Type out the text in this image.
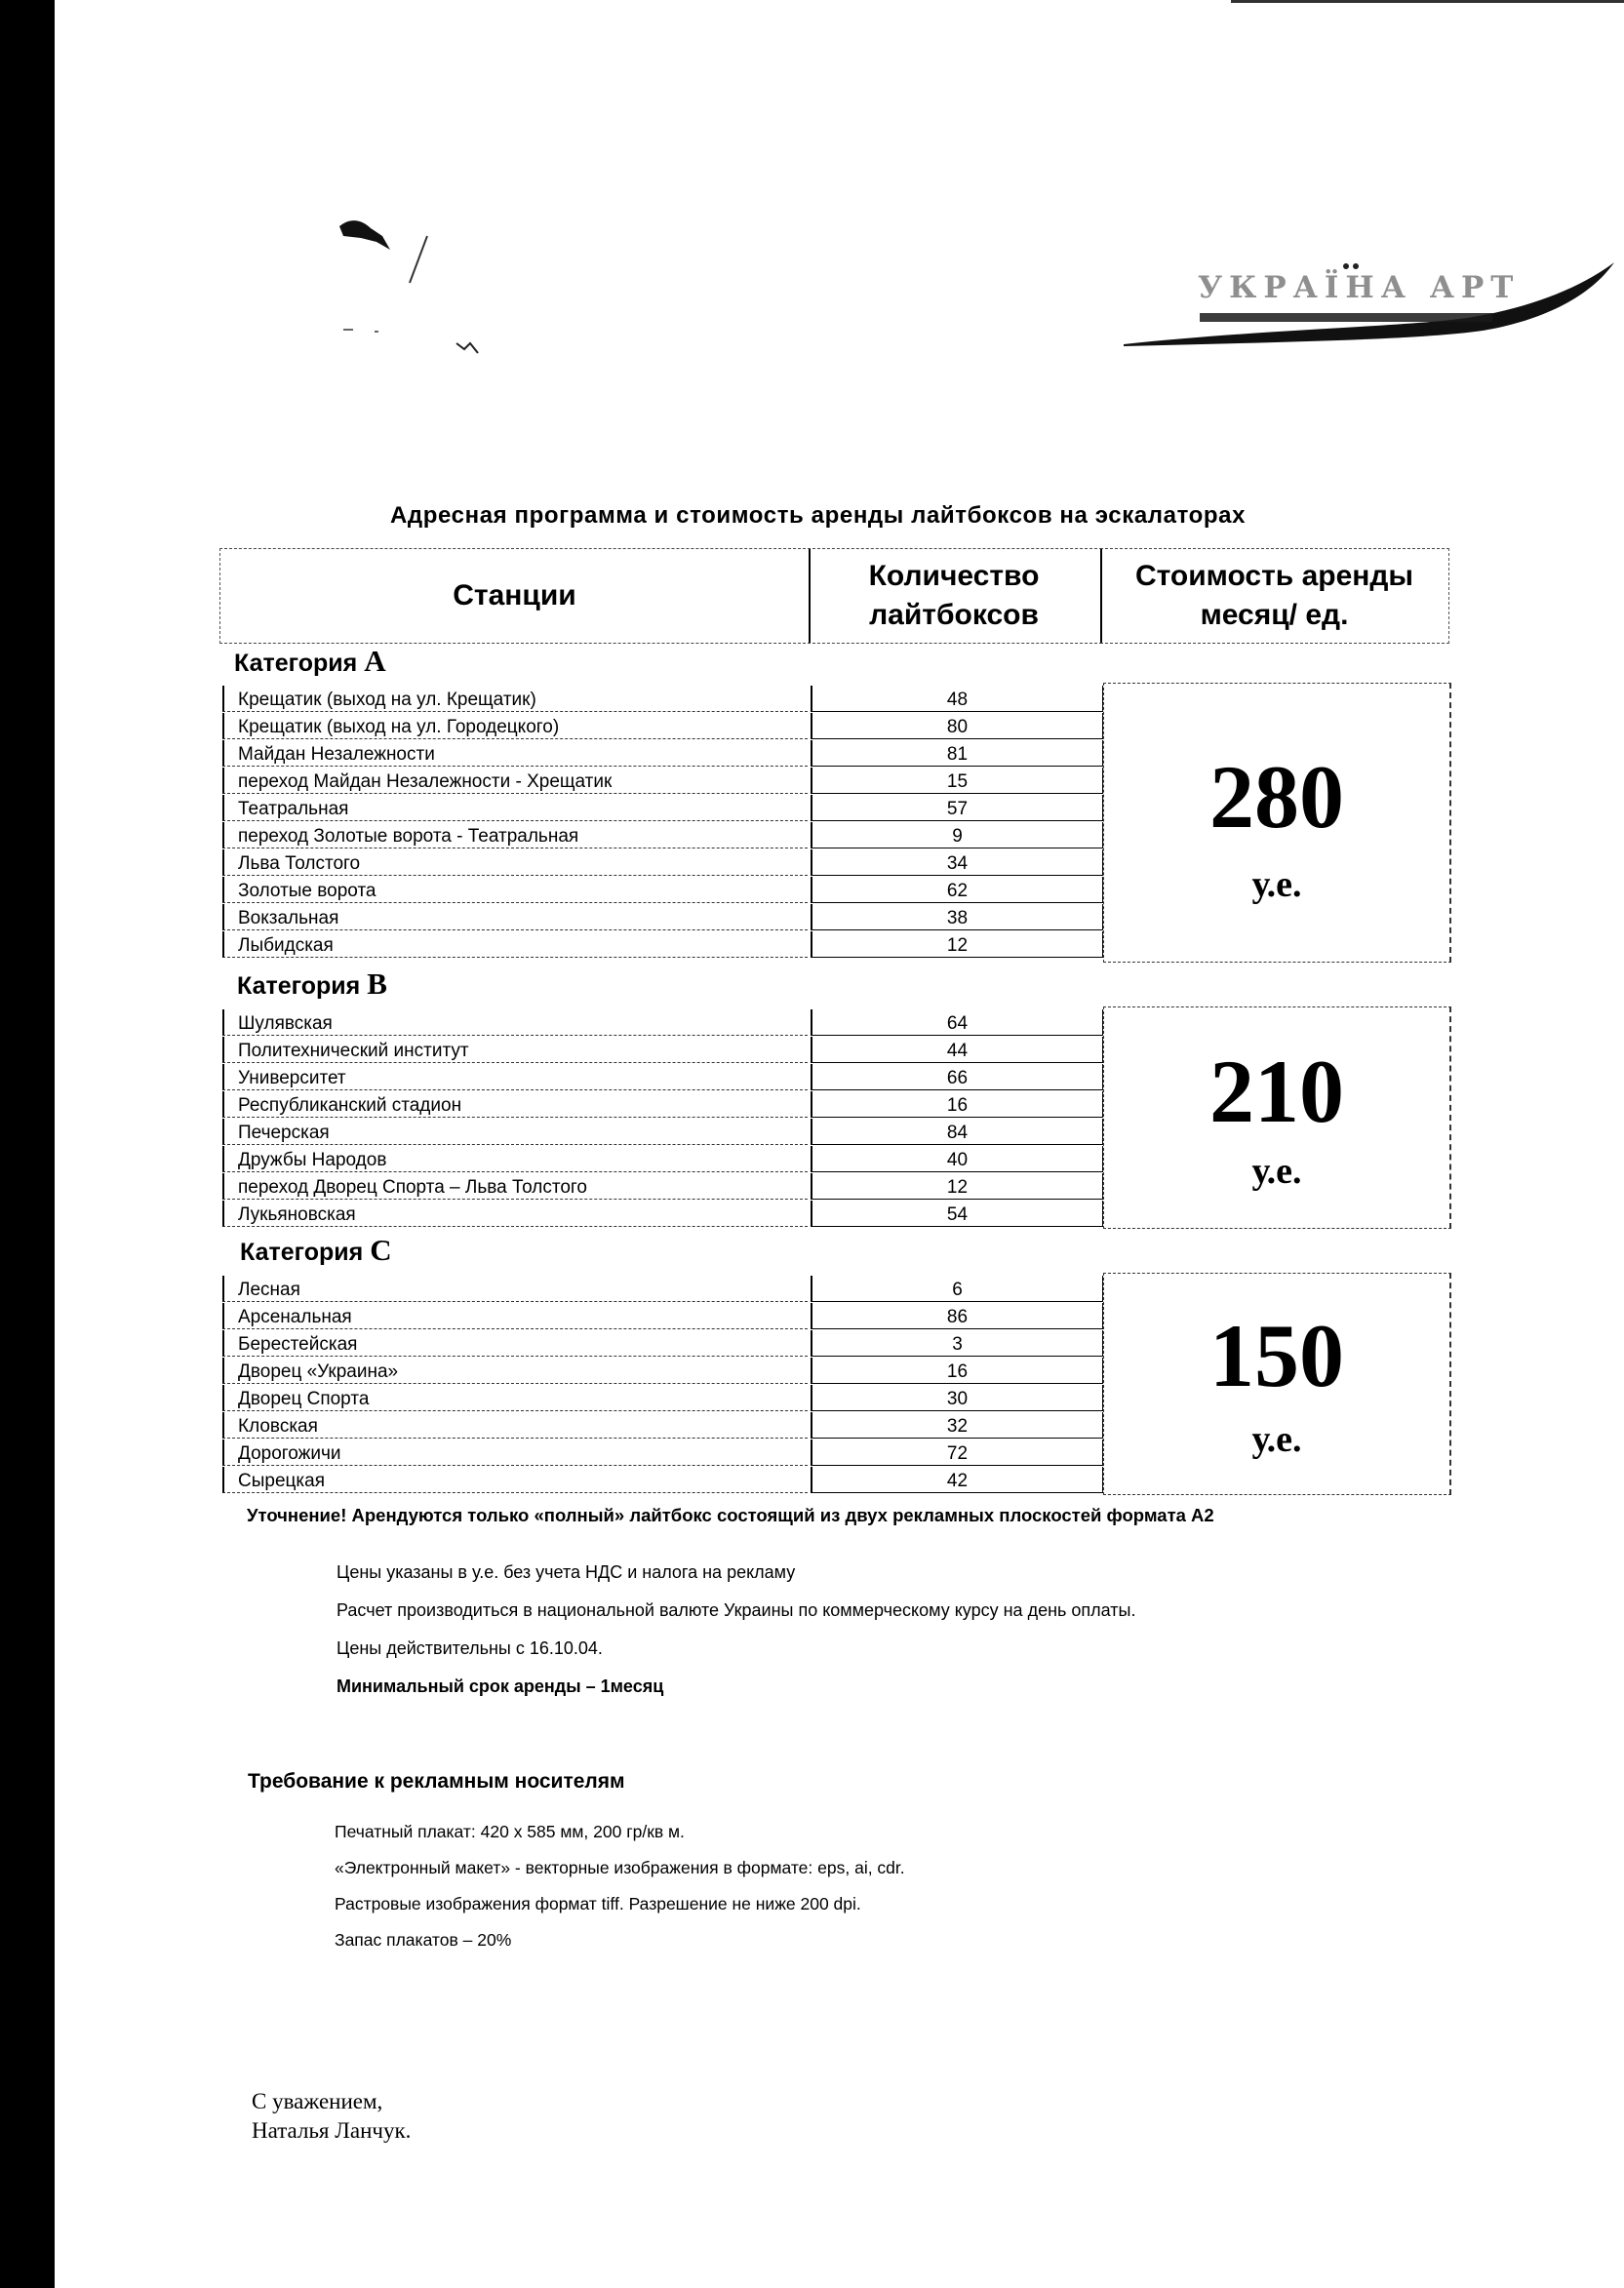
УКРАЇНА АРТ
Адресная программа и стоимость аренды лайтбоксов на эскалаторах
Станции
Количество лайтбоксов
Стоимость аренды месяц/ ед.
Категория A
Крещатик (выход на ул. Крещатик)	48
Крещатик (выход на ул. Городецкого)	80
Майдан Незалежности	81
переход Майдан Незалежности - Хрещатик	15
Театральная	57
переход Золотые ворота - Театральная	9
Льва Толстого	34
Золотые ворота	62
Вокзальная	38
Лыбидская	12
280
у.е.
Категория B
Шулявская	64
Политехнический институт	44
Университет	66
Республиканский стадион	16
Печерская	84
Дружбы Народов	40
переход Дворец Спорта – Льва Толстого	12
Лукьяновская	54
210
у.е.
Категория C
Лесная	6
Арсенальная	86
Берестейская	3
Дворец «Украина»	16
Дворец Спорта	30
Кловская	32
Дорогожичи	72
Сырецкая	42
150
у.е.
Уточнение! Арендуются только «полный» лайтбокс состоящий из двух рекламных плоскостей формата А2

Цены указаны в у.е. без учета НДС и налога на рекламу

Расчет производиться в национальной валюте Украины по коммерческому курсу на день оплаты.

Цены действительны с 16.10.04.

Минимальный срок аренды – 1месяц

Требование к рекламным носителям

Печатный плакат: 420 x 585 мм, 200 гр/кв м.

«Электронный макет» - векторные изображения в формате: eps, ai, cdr.

Растровые изображения формат tiff. Разрешение не ниже 200 dpi.

Запас плакатов – 20%

С уважением,
Наталья Ланчук.
